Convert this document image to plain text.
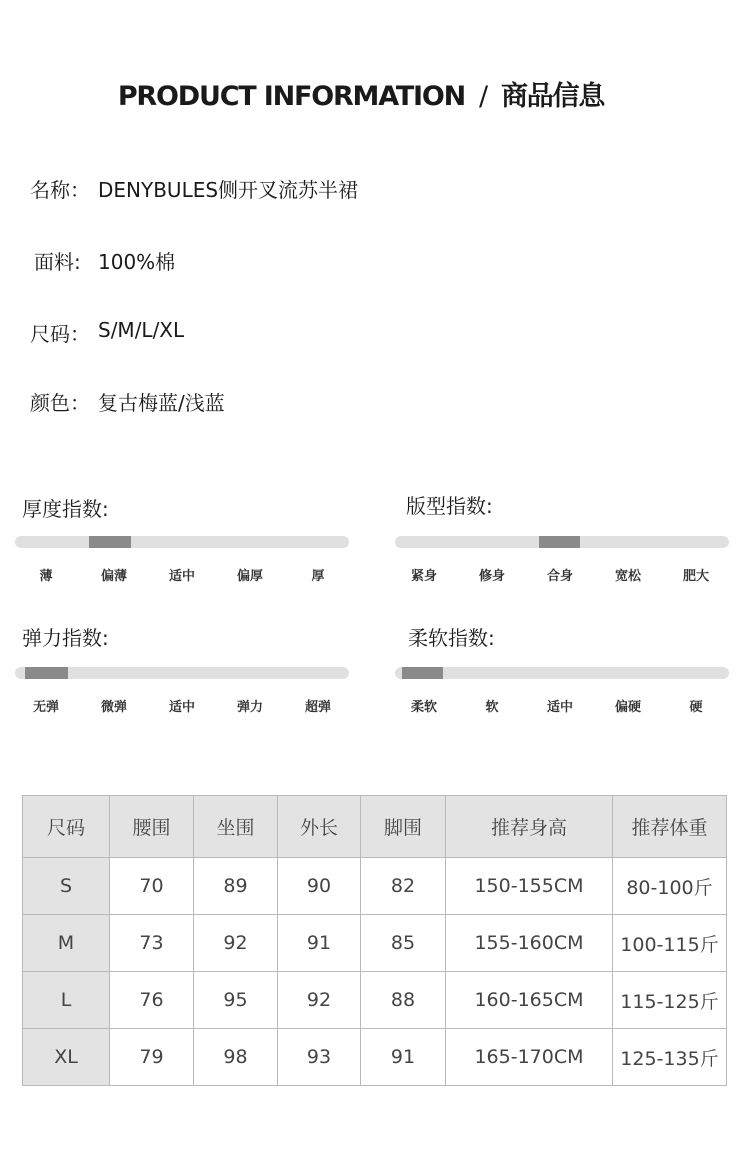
PRODUCT INFORMATION / 商品信息
名称： DENYBULES侧开叉流苏半裙
面料: 100%棉
尺码： S/M/L/XL
颜色： 复古梅蓝/浅蓝
厚度指数:
薄	偏薄	适中	偏厚	厚
版型指数:
紧身	修身	合身	宽松	肥大
弹力指数:
无弹	微弹	适中	弹力	超弹
柔软指数:
柔软	软	适中	偏硬	硬
尺码	腰围	坐围	外长	脚围	推荐身高	推荐体重
S	70	89	90	82	150-155CM	80-100斤
M	73	92	91	85	155-160CM	100-115斤
L	76	95	92	88	160-165CM	115-125斤
XL	79	98	93	91	165-170CM	125-135斤
